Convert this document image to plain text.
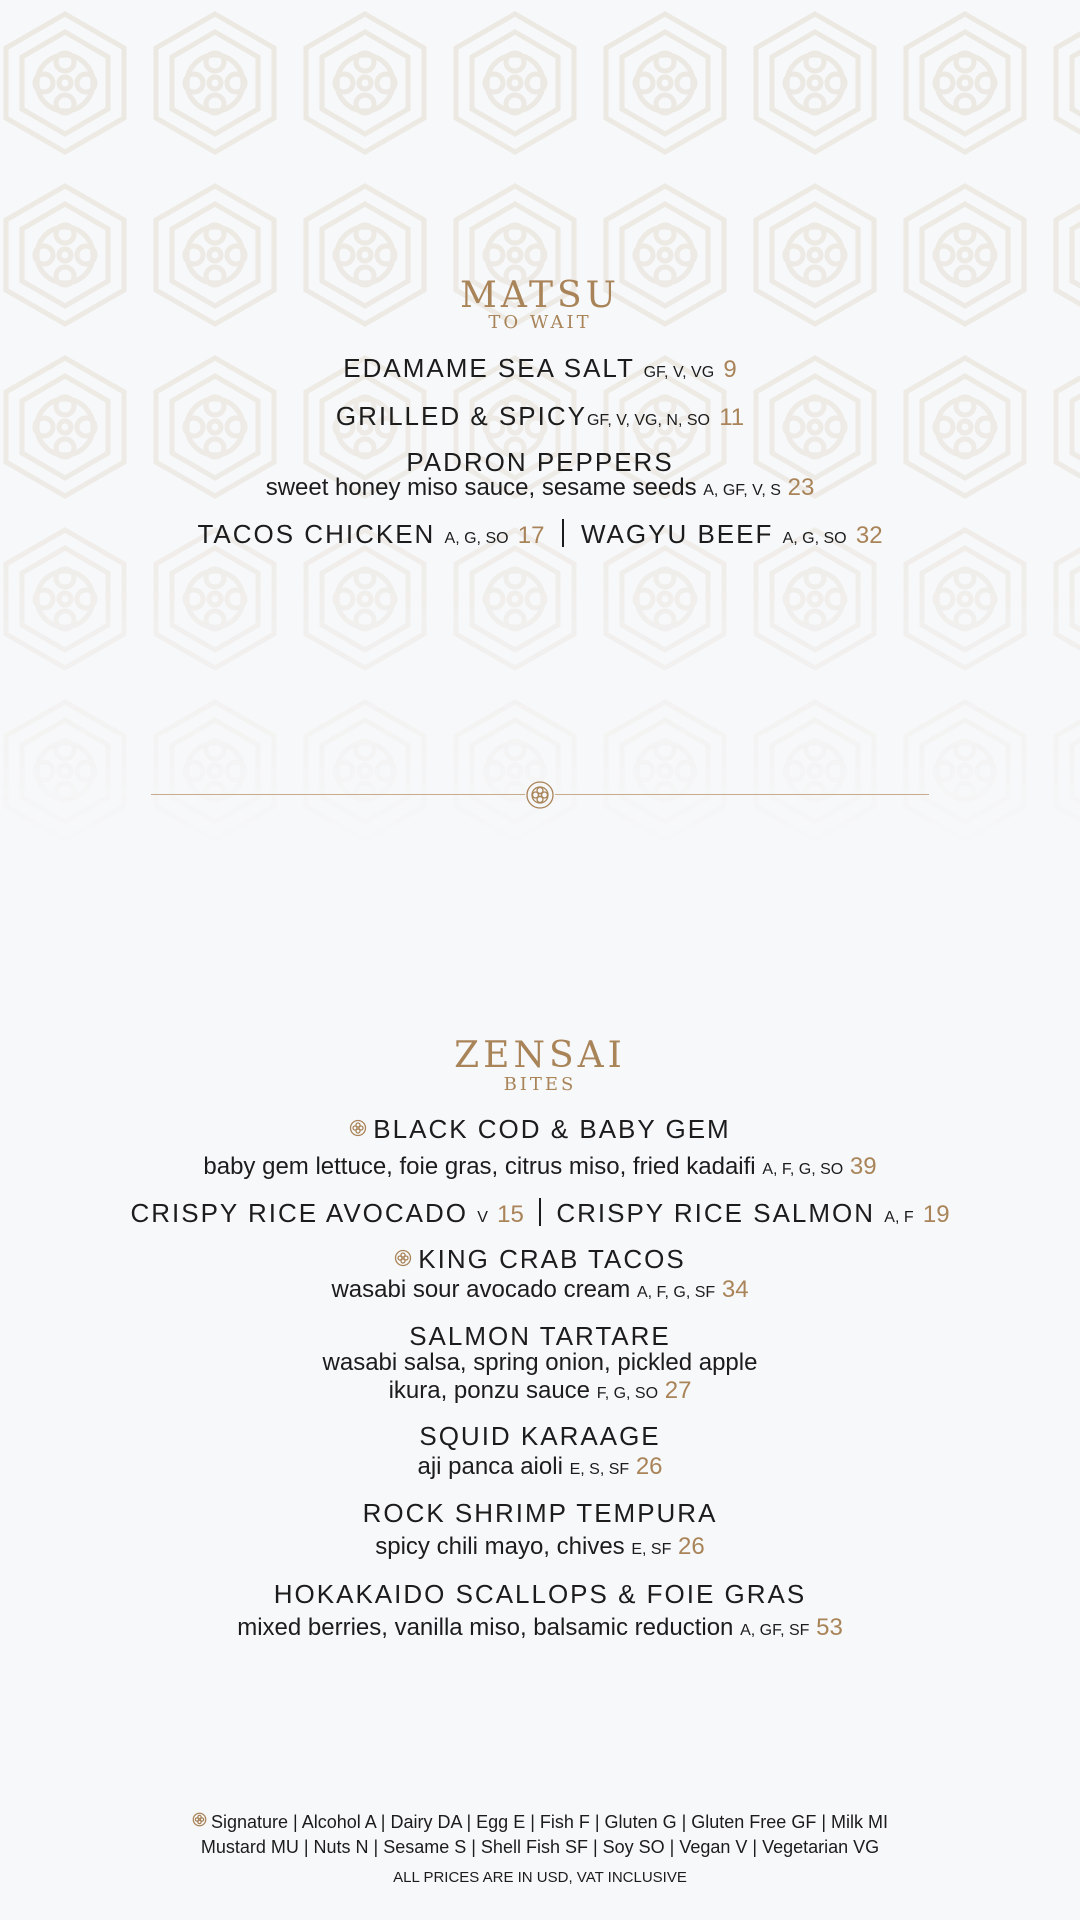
MATSU
TO WAIT
EDAMAME SEA SALT GF, V, VG 9
GRILLED & SPICYGF, V, VG, N, SO 11
PADRON PEPPERS
sweet honey miso sauce, sesame seeds A, GF, V, S 23
TACOS CHICKEN A, G, SO 17 WAGYU BEEF A, G, SO 32
ZENSAI
BITES
BLACK COD & BABY GEM
baby gem lettuce, foie gras, citrus miso, fried kadaifi A, F, G, SO 39
CRISPY RICE AVOCADO V 15 CRISPY RICE SALMON A, F 19
KING CRAB TACOS
wasabi sour avocado cream A, F, G, SF 34
SALMON TARTARE
wasabi salsa, spring onion, pickled apple
ikura, ponzu sauce F, G, SO 27
SQUID KARAAGE
aji panca aioli E, S, SF 26
ROCK SHRIMP TEMPURA
spicy chili mayo, chives E, SF 26
HOKAKAIDO SCALLOPS & FOIE GRAS
mixed berries, vanilla miso, balsamic reduction A, GF, SF 53
Signature | Alcohol A | Dairy DA | Egg E | Fish F | Gluten G | Gluten Free GF | Milk MI
Mustard MU | Nuts N | Sesame S | Shell Fish SF | Soy SO | Vegan V | Vegetarian VG
ALL PRICES ARE IN USD, VAT INCLUSIVE
